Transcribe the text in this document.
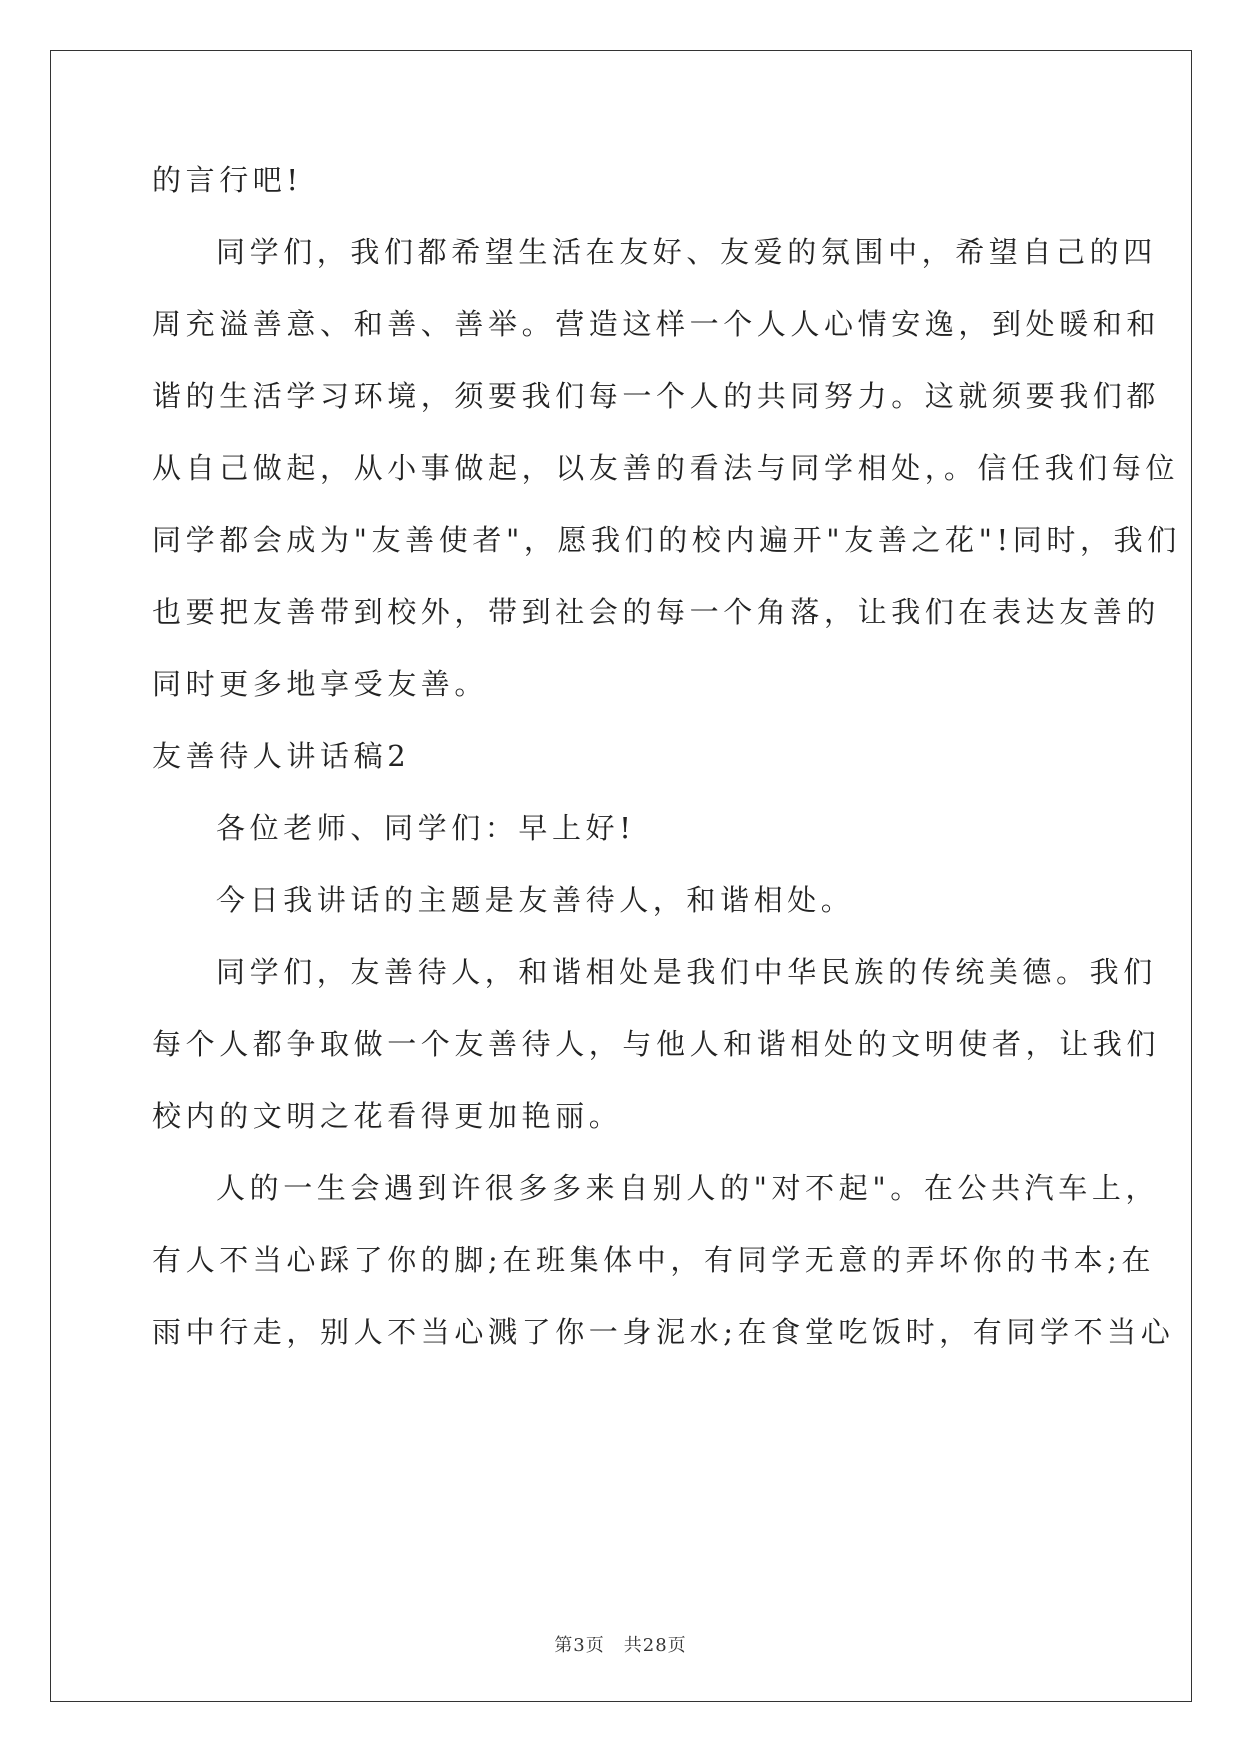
的言行吧!
同学们，我们都希望生活在友好、友爱的氛围中，希望自己的四
周充溢善意、和善、善举。营造这样一个人人心情安逸，到处暖和和
谐的生活学习环境，须要我们每一个人的共同努力。这就须要我们都
从自己做起，从小事做起，以友善的看法与同学相处，。信任我们每位
同学都会成为"友善使者"，愿我们的校内遍开"友善之花"!同时，我们
也要把友善带到校外，带到社会的每一个角落，让我们在表达友善的
同时更多地享受友善。
友善待人讲话稿2
各位老师、同学们：早上好!
今日我讲话的主题是友善待人，和谐相处。
同学们，友善待人，和谐相处是我们中华民族的传统美德。我们
每个人都争取做一个友善待人，与他人和谐相处的文明使者，让我们
校内的文明之花看得更加艳丽。
人的一生会遇到许很多多来自别人的"对不起"。在公共汽车上，
有人不当心踩了你的脚;在班集体中，有同学无意的弄坏你的书本;在
雨中行走，别人不当心溅了你一身泥水;在食堂吃饭时，有同学不当心
第3页　共28页
